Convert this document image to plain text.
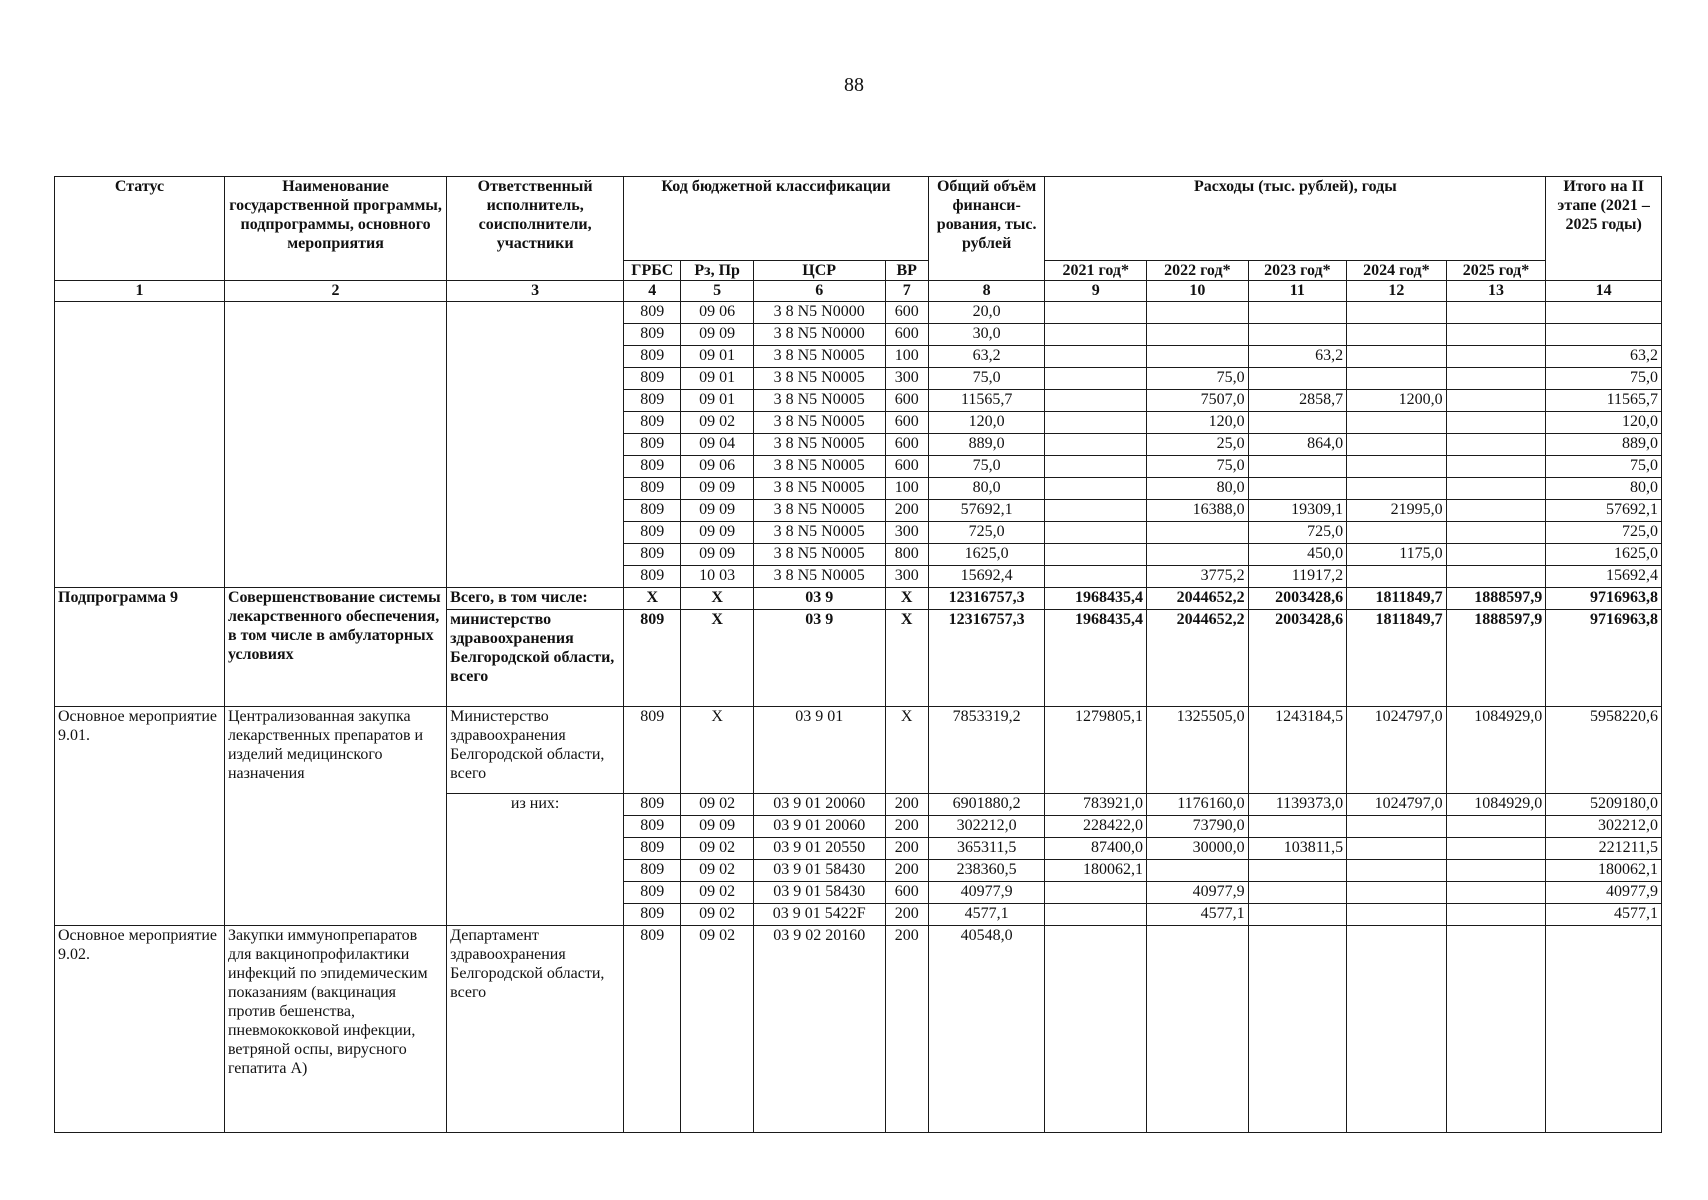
88
Статус	Наименование государственной программы, подпрограммы, основного мероприятия	Ответственный исполнитель, соисполнители, участники	Код бюджетной классификации				Общий объём финанси-рования, тыс. рублей	Расходы (тыс. рублей), годы					Итого на II этапе (2021 – 2025 годы)
			ГРБС	Рз, Пр	ЦСР	ВР		2021 год*	2022 год*	2023 год*	2024 год*	2025 год*	
1	2	3	4	5	6	7	8	9	10	11	12	13	14
			809	09 06	3 8 N5 N0000	600	20,0						
			809	09 09	3 8 N5 N0000	600	30,0						
			809	09 01	3 8 N5 N0005	100	63,2			63,2			63,2
			809	09 01	3 8 N5 N0005	300	75,0		75,0				75,0
			809	09 01	3 8 N5 N0005	600	11565,7		7507,0	2858,7	1200,0		11565,7
			809	09 02	3 8 N5 N0005	600	120,0		120,0				120,0
			809	09 04	3 8 N5 N0005	600	889,0		25,0	864,0			889,0
			809	09 06	3 8 N5 N0005	600	75,0		75,0				75,0
			809	09 09	3 8 N5 N0005	100	80,0		80,0				80,0
			809	09 09	3 8 N5 N0005	200	57692,1		16388,0	19309,1	21995,0		57692,1
			809	09 09	3 8 N5 N0005	300	725,0			725,0			725,0
			809	09 09	3 8 N5 N0005	800	1625,0			450,0	1175,0		1625,0
			809	10 03	3 8 N5 N0005	300	15692,4		3775,2	11917,2			15692,4
Подпрограмма 9	Совершенствование системы лекарственного обеспечения, в том числе в амбулаторных условиях	Всего, в том числе:	Х	Х	03 9	Х	12316757,3	1968435,4	2044652,2	2003428,6	1811849,7	1888597,9	9716963,8
		министерство здравоохранения Белгородской области, всего	809	Х	03 9	Х	12316757,3	1968435,4	2044652,2	2003428,6	1811849,7	1888597,9	9716963,8
Основное мероприятие 9.01.	Централизованная закупка лекарственных препаратов и изделий медицинского назначения	Министерство здравоохранения Белгородской области, всего	809	Х	03 9 01	Х	7853319,2	1279805,1	1325505,0	1243184,5	1024797,0	1084929,0	5958220,6
		из них:	809	09 02	03 9 01 20060	200	6901880,2	783921,0	1176160,0	1139373,0	1024797,0	1084929,0	5209180,0
			809	09 09	03 9 01 20060	200	302212,0	228422,0	73790,0				302212,0
			809	09 02	03 9 01 20550	200	365311,5	87400,0	30000,0	103811,5			221211,5
			809	09 02	03 9 01 58430	200	238360,5	180062,1					180062,1
			809	09 02	03 9 01 58430	600	40977,9		40977,9				40977,9
			809	09 02	03 9 01 5422F	200	4577,1		4577,1				4577,1
Основное мероприятие 9.02.	Закупки иммунопрепаратов для вакцинопрофилактики инфекций по эпидемическим показаниям (вакцинация против бешенства, пневмококковой инфекции, ветряной оспы, вирусного гепатита А)	Департамент здравоохранения Белгородской области, всего	809	09 02	03 9 02 20160	200	40548,0						
